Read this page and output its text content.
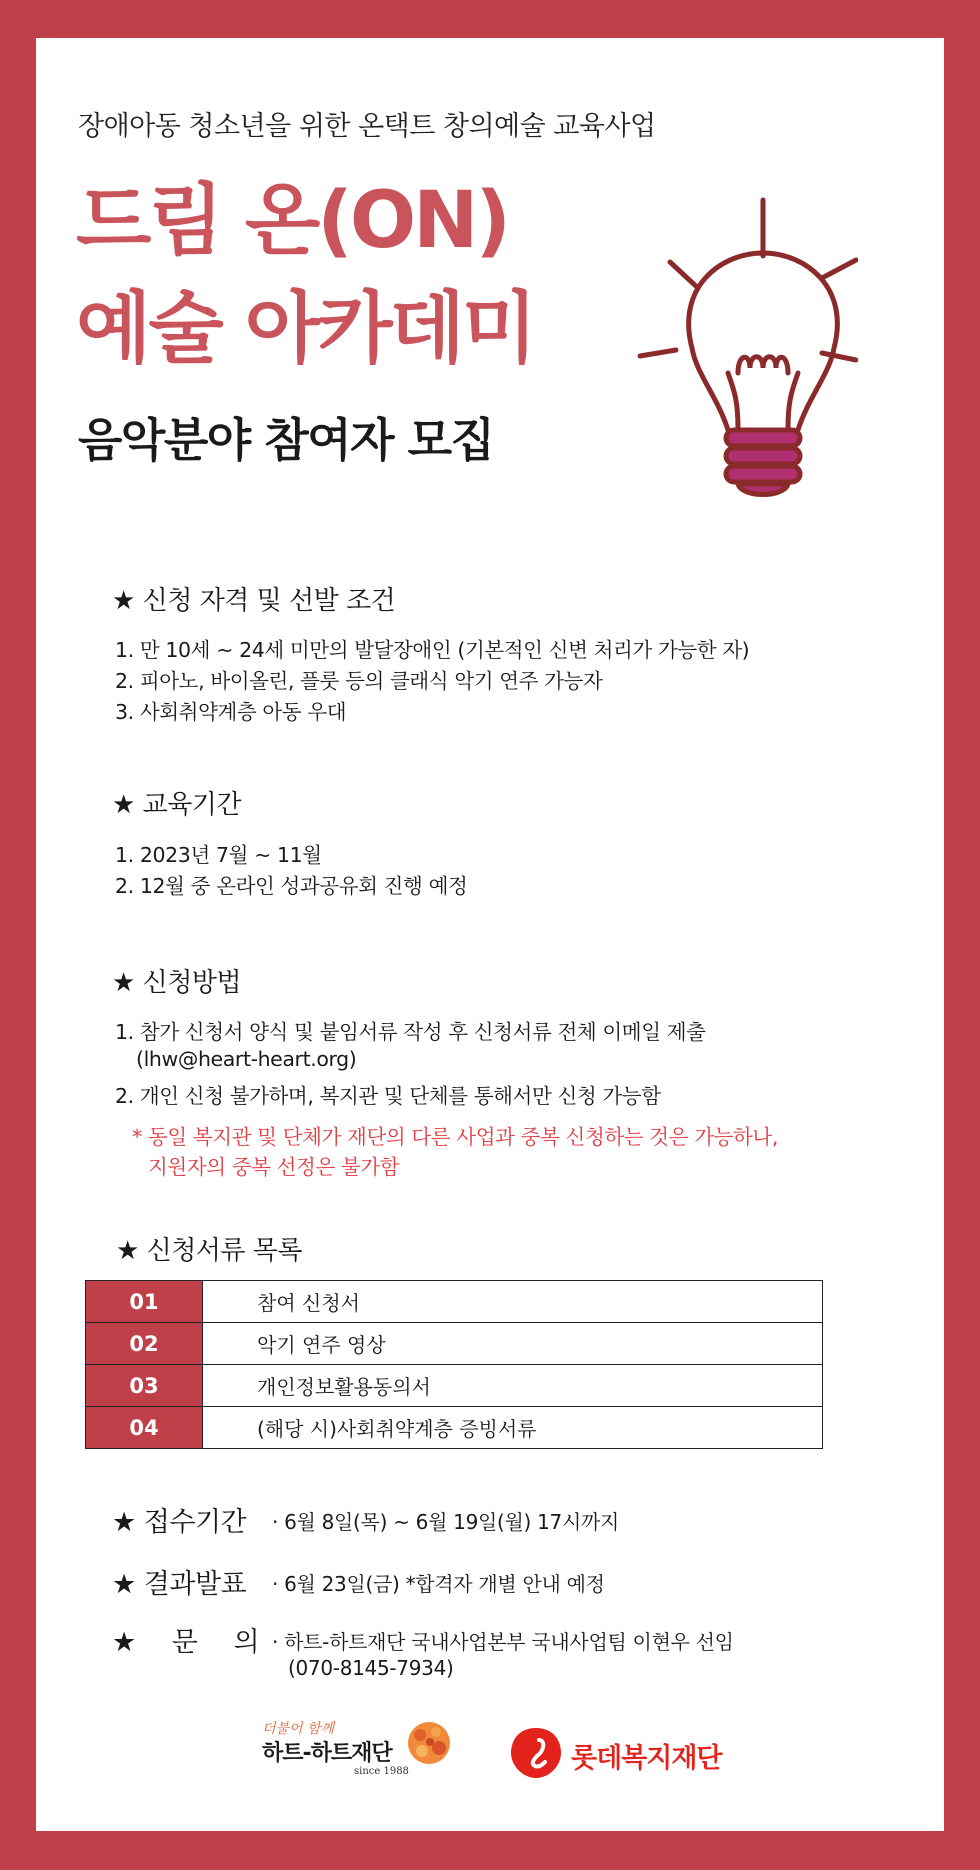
장애아동 청소년을 위한 온택트 창의예술 교육사업
드림 온(ON)
예술 아카데미
음악분야 참여자 모집
★ 신청 자격 및 선발 조건
1. 만 10세 ~ 24세 미만의 발달장애인 (기본적인 신변 처리가 가능한 자)
2. 피아노, 바이올린, 플룻 등의 클래식 악기 연주 가능자
3. 사회취약계층 아동 우대
★ 교육기간
1. 2023년 7월 ~ 11월
2. 12월 중 온라인 성과공유회 진행 예정
★ 신청방법
1. 참가 신청서 양식 및 붙임서류 작성 후 신청서류 전체 이메일 제출
(lhw@heart-heart.org)
2. 개인 신청 불가하며, 복지관 및 단체를 통해서만 신청 가능함
* 동일 복지관 및 단체가 재단의 다른 사업과 중복 신청하는 것은 가능하나,
지원자의 중복 선정은 불가함
★ 신청서류 목록
01	참여 신청서
02	악기 연주 영상
03	개인정보활용동의서
04	(해당 시)사회취약계층 증빙서류
★ 접수기간 · 6월 8일(목) ~ 6월 19일(월) 17시까지
★ 결과발표 · 6월 23일(금) *합격자 개별 안내 예정
★ 문 의 · 하트-하트재단 국내사업본부 국내사업팀 이현우 선임
(070-8145-7934)
더불어 함께
하트-하트재단
since 1988	롯데복지재단
